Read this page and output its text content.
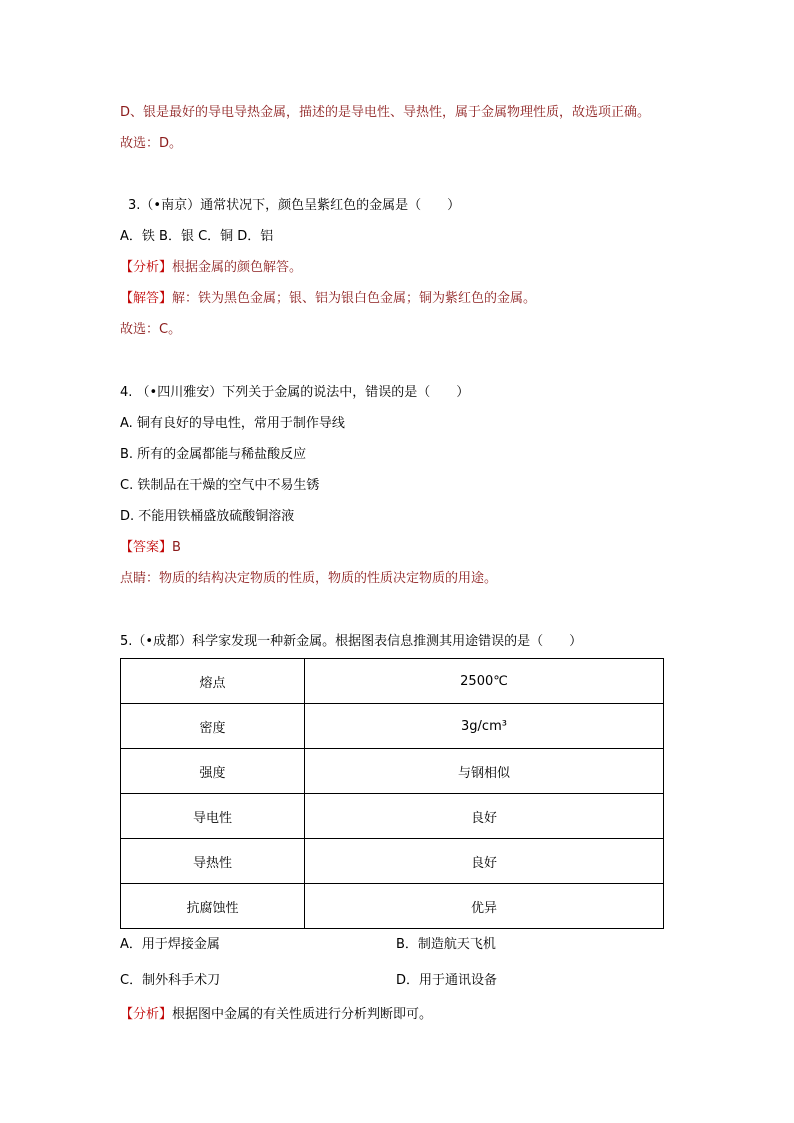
D、银是最好的导电导热金属，描述的是导电性、导热性，属于金属物理性质，故选项正确。
故选：D。
3.（•南京）通常状况下，颜色呈紫红色的金属是（　　）
A．铁 B．银 C．铜 D．铝
【分析】根据金属的颜色解答。
【解答】解：铁为黑色金属；银、铝为银白色金属；铜为紫红色的金属。
故选：C。
4. （•四川雅安）下列关于金属的说法中，错误的是（　　）
A. 铜有良好的导电性，常用于制作导线
B. 所有的金属都能与稀盐酸反应
C. 铁制品在干燥的空气中不易生锈
D. 不能用铁桶盛放硫酸铜溶液
【答案】B
点睛：物质的结构决定物质的性质，物质的性质决定物质的用途。
5.（•成都）科学家发现一种新金属。根据图表信息推测其用途错误的是（　　）
熔点	2500℃
密度	3g/cm³
强度	与钢相似
导电性	良好
导热性	良好
抗腐蚀性	优异
A．用于焊接金属	B．制造航天飞机
C．制外科手术刀	D．用于通讯设备
【分析】根据图中金属的有关性质进行分析判断即可。
